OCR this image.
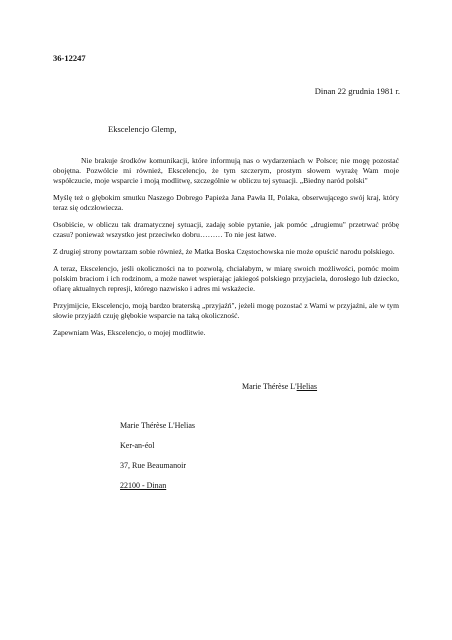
36-12247
Dinan 22 grudnia 1981 r.
Ekscelencjo Glemp,

Nie brakuje środków komunikacji, które informują nas o wydarzeniach w Polsce; nie mogę pozostać obojętna. Pozwólcie mi również, Ekscelencjo, że tym szczerym, prostym słowem wyrażę Wam moje współczucie, moje wsparcie i moją modlitwę, szczególnie w obliczu tej sytuacji. „Biedny naród polski"

Myślę też o głębokim smutku Naszego Dobrego Papieża Jana Pawła II, Polaka, obserwującego swój kraj, który teraz się odczłowiecza.

Osobiście, w obliczu tak dramatycznej sytuacji, zadaję sobie pytanie, jak pomóc „drugiemu" przetrwać próbę czasu? ponieważ wszystko jest przeciwko dobru……… To nie jest łatwe.

Z drugiej strony powtarzam sobie również, że Matka Boska Częstochowska nie może opuścić narodu polskiego.

A teraz, Ekscelencjo, jeśli okoliczności na to pozwolą, chciałabym, w miarę swoich możliwości, pomóc moim polskim braciom i ich rodzinom, a może nawet wspierając jakiegoś polskiego przyjaciela, dorosłego lub dziecko, ofiarę aktualnych represji, którego nazwisko i adres mi wskażecie.

Przyjmijcie, Ekscelencjo, moją bardzo braterską „przyjaźń", jeżeli mogę pozostać z Wami w przyjaźni, ale w tym słowie przyjaźń czuję głębokie wsparcie na taką okoliczność.

Zapewniam Was, Ekscelencjo, o mojej modlitwie.

Marie Thérèse L'Helias
Marie Thérèse L'Helias
Ker-an-éol
37, Rue Beaumanoir
22100 - Dinan
